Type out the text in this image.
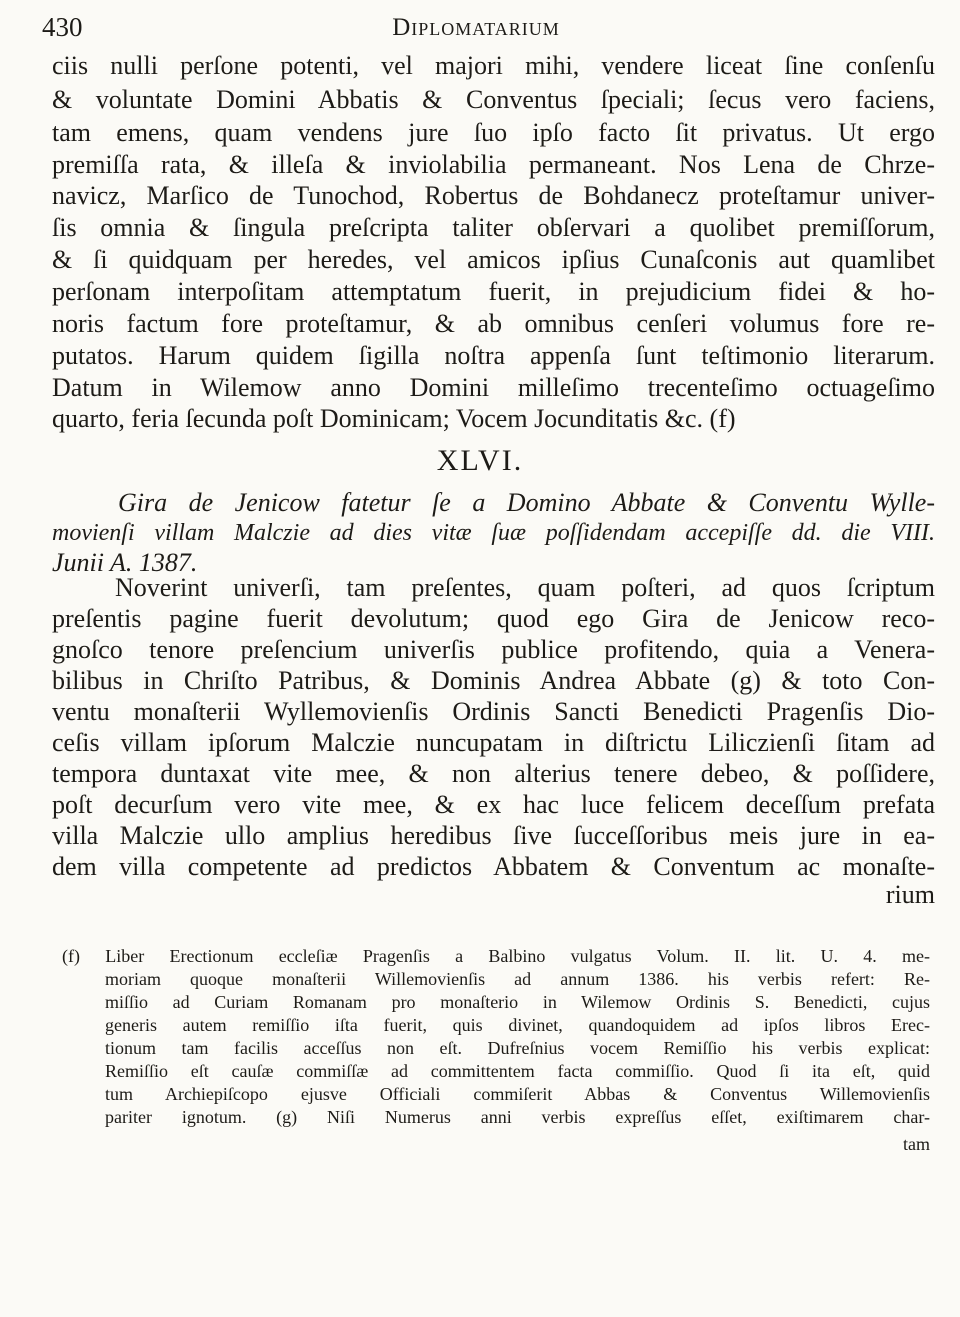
430	Diplomatarium
ciis nulli perſone potenti, vel majori mihi, vendere liceat ſine conſenſu
& voluntate Domini Abbatis & Conventus ſpeciali; ſecus vero faciens,
tam emens, quam vendens jure ſuo ipſo facto ſit privatus. Ut ergo
premiſſa rata, & illeſa & inviolabilia permaneant. Nos Lena de Chrze-
navicz, Marſico de Tunochod, Robertus de Bohdanecz proteſtamur univer-
ſis omnia & ſingula preſcripta taliter obſervari a quolibet premiſſorum,
& ſi quidquam per heredes, vel amicos ipſius Cunaſconis aut quamlibet
perſonam interpoſitam attemptatum fuerit, in prejudicium fidei & ho-
noris factum fore proteſtamur, & ab omnibus cenſeri volumus fore re-
putatos. Harum quidem ſigilla noſtra appenſa ſunt teſtimonio literarum.
Datum in Wilemow anno Domini milleſimo trecenteſimo octuageſimo
quarto, feria ſecunda poſt Dominicam; Vocem Jocunditatis &c. (f)
XLVI.
Gira de Jenicow fatetur ſe a Domino Abbate & Conventu Wylle-
movienſi villam Malczie ad dies vitæ ſuæ poſſidendam accepiſſe dd. die VIII.
Junii A. 1387.
Noverint univerſi, tam preſentes, quam poſteri, ad quos ſcriptum
preſentis pagine fuerit devolutum; quod ego Gira de Jenicow reco-
gnoſco tenore preſencium univerſis publice profitendo, quia a Venera-
bilibus in Chriſto Patribus, & Dominis Andrea Abbate (g) & toto Con-
ventu monaſterii Wyllemovienſis Ordinis Sancti Benedicti Pragenſis Dio-
ceſis villam ipſorum Malczie nuncupatam in diſtrictu Liliczienſi ſitam ad
tempora duntaxat vite mee, & non alterius tenere debeo, & poſſidere,
poſt decurſum vero vite mee, & ex hac luce felicem deceſſum prefata
villa Malczie ullo amplius heredibus ſive ſucceſſoribus meis jure in ea-
dem villa competente ad predictos Abbatem & Conventum ac monaſte-
rium
(f) Liber Erectionum eccleſiæ Pragenſis a Balbino vulgatus Volum. II. lit. U. 4. me-
moriam quoque monaſterii Willemovienſis ad annum 1386. his verbis refert: Re-
miſſio ad Curiam Romanam pro monaſterio in Wilemow Ordinis S. Benedicti, cujus
generis autem remiſſio iſta fuerit, quis divinet, quandoquidem ad ipſos libros Erec-
tionum tam facilis acceſſus non eſt. Dufreſnius vocem Remiſſio his verbis explicat:
Remiſſio eſt cauſæ commiſſæ ad committentem facta commiſſio. Quod ſi ita eſt, quid
tum Archiepiſcopo ejusve Officiali commiſerit Abbas & Conventus Willemovienſis
pariter ignotum. (g) Niſi Numerus anni verbis expreſſus eſſet, exiſtimarem char-
tam
